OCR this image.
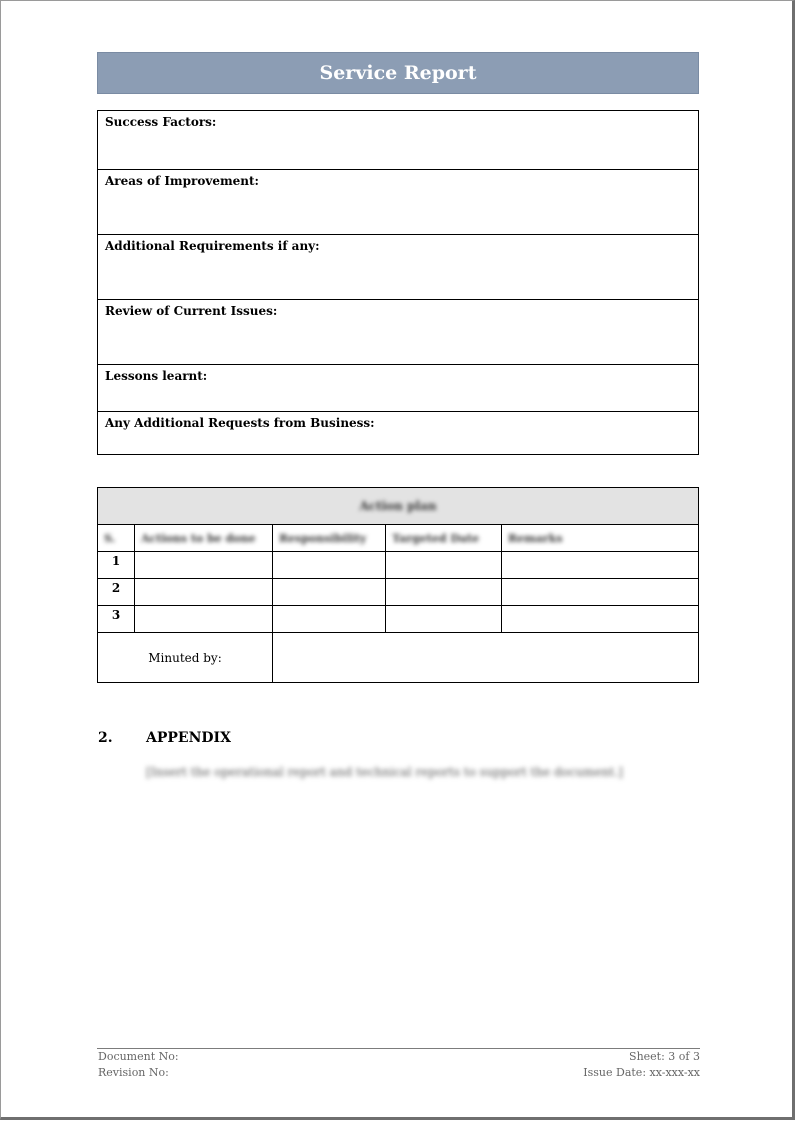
Service Report
Success Factors:
Areas of Improvement:
Additional Requirements if any:
Review of Current Issues:
Lessons learnt:
Any Additional Requests from Business:
Action plan				
S.	Actions to be done	Responsibility	Targeted Date	Remarks
1				
2				
3				
Minuted by:				
2. APPENDIX
[Insert the operational report and technical reports to support the document.]
Document No:
Revision No:
Sheet: 3 of 3
Issue Date: xx-xxx-xx
